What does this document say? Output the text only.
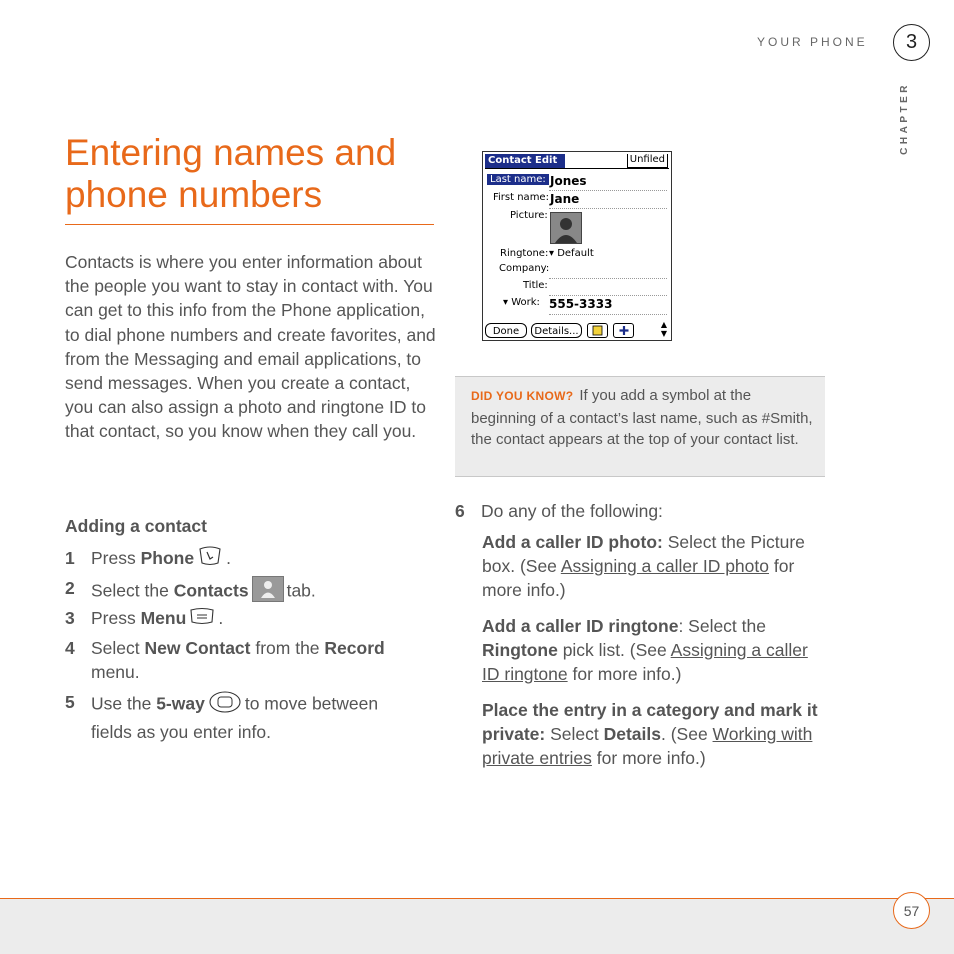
YOUR PHONE	3
CHAPTER
Entering names and phone numbers

Contacts is where you enter information about the people you want to stay in contact with. You can get to this info from the Phone application, to dial phone numbers and create favorites, and from the Messaging and email applications, to send messages. When you create a contact, you can also assign a photo and ringtone ID to that contact, so you know when they call you.

Adding a contact
1 Press Phone .
2 Select the Contacts tab.
3 Press Menu .
4 Select New Contact from the Record
menu.
5 Use the 5-way to move between
fields as you enter info.
Contact Edit	Unfiled
Last name: Jones
First name: Jane
Picture:
Ringtone: ▾ Default
Company:
Title:
▾ Work: 555-3333
Done	Details...
▲
▼
DID YOU KNOW? If you add a symbol at the beginning of a contact’s last name, such as #Smith, the contact appears at the top of your contact list.
6 Do any of the following:
Add a caller ID photo: Select the Picture box. (See Assigning a caller ID photo for more info.)
Add a caller ID ringtone: Select the Ringtone pick list. (See Assigning a caller ID ringtone for more info.)
Place the entry in a category and mark it private: Select Details. (See Working with private entries for more info.)
57
